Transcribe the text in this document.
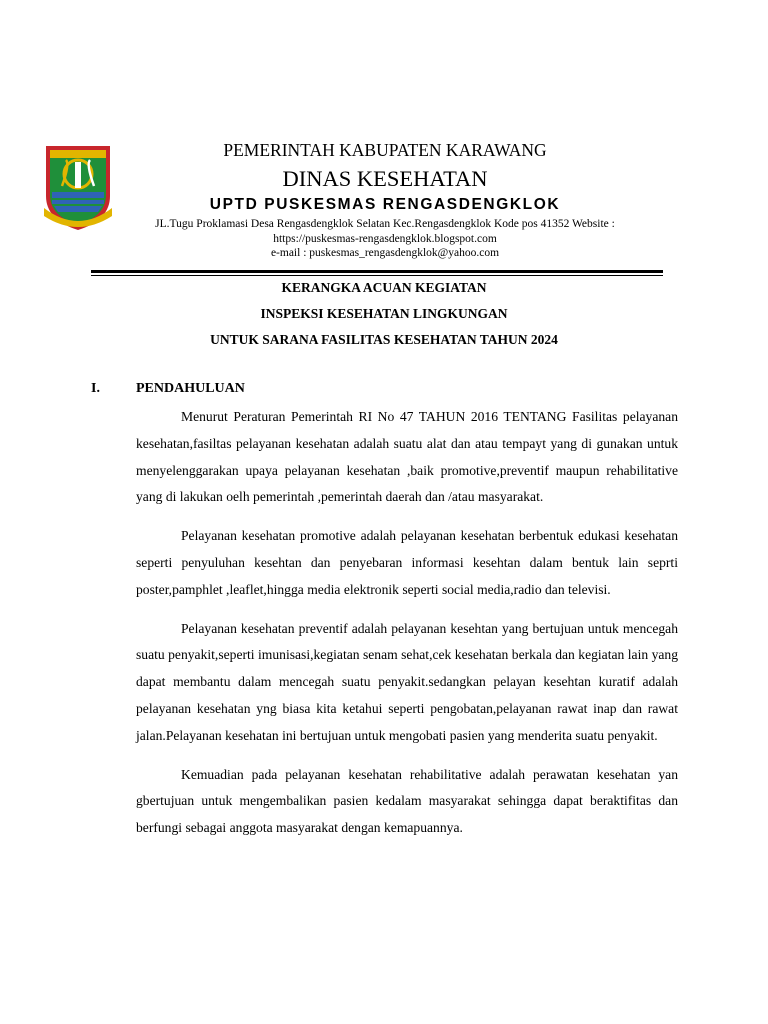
PEMERINTAH KABUPATEN KARAWANG

DINAS KESEHATAN

UPTD PUSKESMAS RENGASDENGKLOK

JL.Tugu Proklamasi Desa Rengasdengklok Selatan Kec.Rengasdengklok Kode pos 41352 Website :
https://puskesmas-rengasdengklok.blogspot.com
e-mail : puskesmas_rengasdengklok@yahoo.com

KERANGKA ACUAN KEGIATAN

INSPEKSI KESEHATAN LINGKUNGAN

UNTUK SARANA FASILITAS KESEHATAN TAHUN 2024

I.	PENDAHULUAN

Menurut Peraturan Pemerintah RI No 47 TAHUN 2016 TENTANG Fasilitas pelayanan kesehatan,fasiltas pelayanan kesehatan adalah suatu alat dan atau tempayt yang di gunakan untuk menyelenggarakan upaya pelayanan kesehatan ,baik promotive,preventif maupun rehabilitative yang di lakukan oelh pemerintah ,pemerintah daerah dan /atau masyarakat.

Pelayanan kesehatan promotive adalah pelayanan kesehatan berbentuk edukasi kesehatan seperti penyuluhan kesehtan dan penyebaran informasi kesehtan dalam bentuk lain seprti poster,pamphlet ,leaflet,hingga media elektronik seperti social media,radio dan televisi.

Pelayanan kesehatan preventif adalah pelayanan kesehtan yang bertujuan untuk mencegah suatu penyakit,seperti imunisasi,kegiatan senam sehat,cek kesehatan berkala dan kegiatan lain yang dapat membantu dalam mencegah suatu penyakit.sedangkan pelayan kesehtan kuratif adalah pelayanan kesehatan yng biasa kita ketahui seperti pengobatan,pelayanan rawat inap dan rawat jalan.Pelayanan kesehatan ini bertujuan untuk mengobati pasien yang menderita suatu penyakit.

Kemuadian pada pelayanan kesehatan rehabilitative adalah perawatan kesehatan yan gbertujuan untuk mengembalikan pasien kedalam masyarakat sehingga dapat beraktifitas dan berfungi sebagai anggota masyarakat dengan kemapuannya.
